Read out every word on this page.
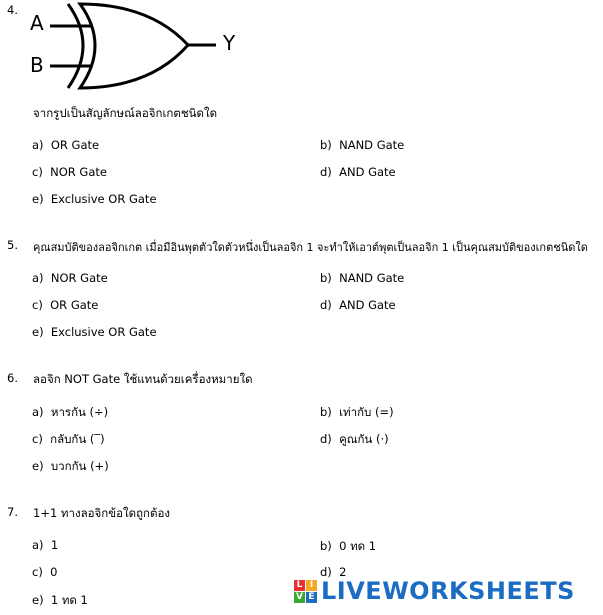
4.
A
B
Y
จากรูปเป็นสัญลักษณ์ลอจิกเกตชนิดใด
a) OR Gate	b) NAND Gate
c) NOR Gate	d) AND Gate
e) Exclusive OR Gate
5. คุณสมบัติของลอจิกเกต เมื่อมีอินพุตตัวใดตัวหนึ่งเป็นลอจิก 1 จะทำให้เอาต์พุตเป็นลอจิก 1 เป็นคุณสมบัติของเกตชนิดใด
a) NOR Gate	b) NAND Gate
c) OR Gate	d) AND Gate
e) Exclusive OR Gate
6. ลอจิก NOT Gate ใช้แทนด้วยเครื่องหมายใด
a) หารกัน (÷)	b) เท่ากับ (=)
c) กลับกัน (‾)	d) คูณกัน (·)
e) บวกกัน (+)
7. 1+1 ทางลอจิกข้อใดถูกต้อง
a) 1	b) 0 ทด 1
c) 0	d) 2
e) 1 ทด 1
L I
V E LIVEWORKSHEETS
